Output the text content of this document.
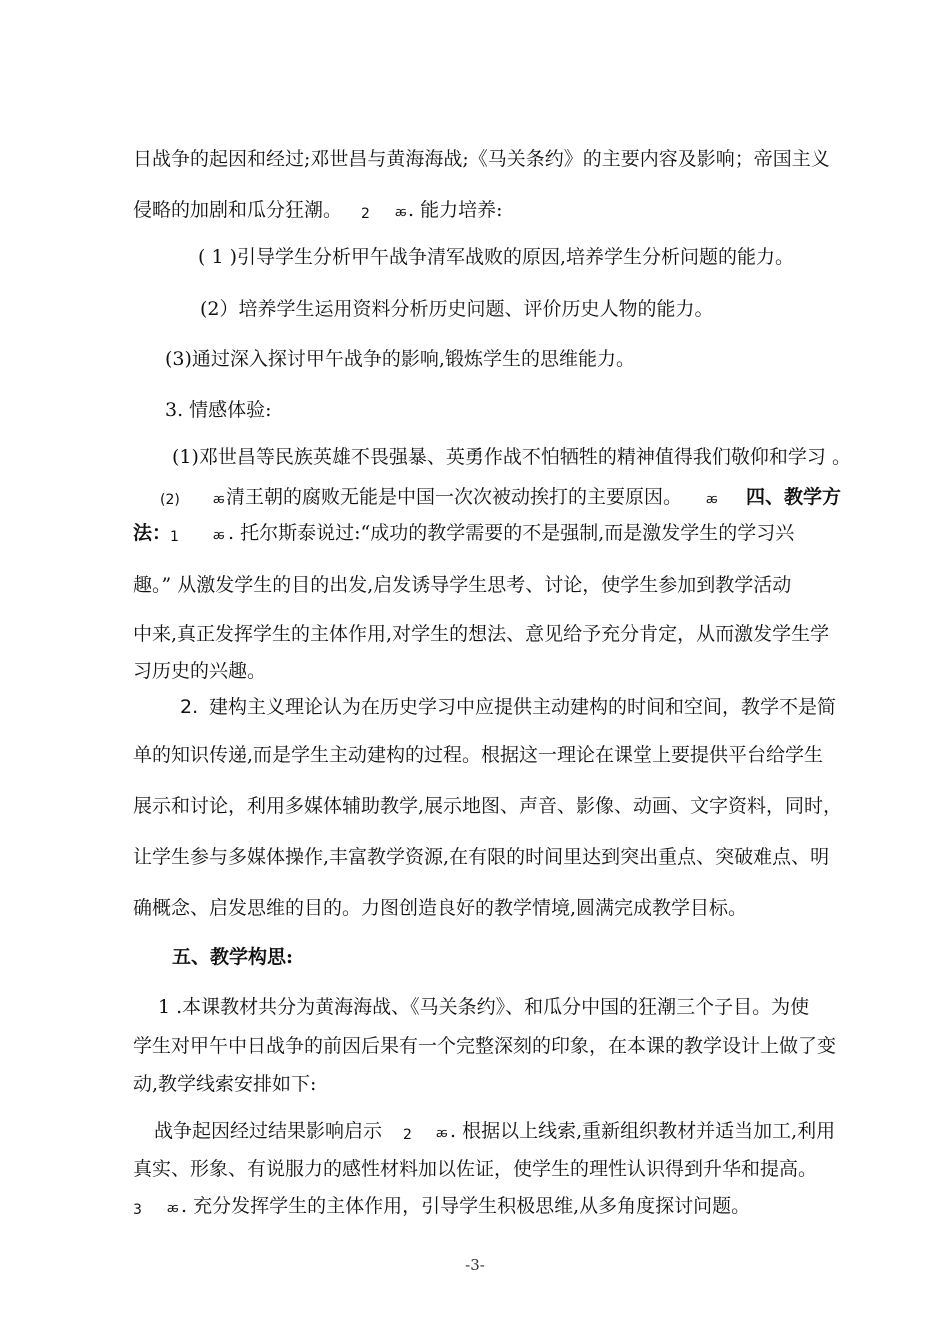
日战争的起因和经过;邓世昌与黄海海战;《马关条约》的主要内容及影响；帝国主义
侵略的加剧和瓜分狂潮。 2 ꬱ . 能力培养:
( 1 )引导学生分析甲午战争清军战败的原因,培养学生分析问题的能力。
(2）培养学生运用资料分析历史问题、评价历史人物的能力。
(3)通过深入探讨甲午战争的影响,锻炼学生的思维能力。
3. 情感体验:
(1)邓世昌等民族英雄不畏强暴、英勇作战不怕牺牲的精神值得我们敬仰和学习 。
(2)	ꬱ 清王朝的腐败无能是中国一次次被动挨打的主要原因。 ꬱ 四、教学方
法 ：
1	ꬱ . 托尔斯泰说过:“成功的教学需要的不是强制,而是激发学生的学习兴
趣。” 从激发学生的目的出发,启发诱导学生思考、讨论，使学生参加到教学活动
中来,真正发挥学生的主体作用,对学生的想法、意见给予充分肯定，从而激发学生学
习历史的兴趣。
2. 建构主义理论认为在历史学习中应提供主动建构的时间和空间，教学不是简
单的知识传递,而是学生主动建构的过程。根据这一理论在课堂上要提供平台给学生
展示和讨论，利用多媒体辅助教学,展示地图、声音、影像、动画、文字资料，同时，
让学生参与多媒体操作,丰富教学资源,在有限的时间里达到突出重点、突破难点、明
确概念、启发思维的目的。力图创造良好的教学情境,圆满完成教学目标。
五、教学构思:
1 .本课教材共分为黄海海战、《马关条约》、和瓜分中国的狂潮三个子目。为使
学生对甲午中日战争的前因后果有一个完整深刻的印象，在本课的教学设计上做了变
动,教学线索安排如下:
战争起因经过结果影响启示 2 ꬱ . 根据以上线索,重新组织教材并适当加工,利用
真实、形象、有说服力的感性材料加以佐证，使学生的理性认识得到升华和提高。
3 ꬱ . 充分发挥学生的主体作用，引导学生积极思维,从多角度探讨问题。
-3-
